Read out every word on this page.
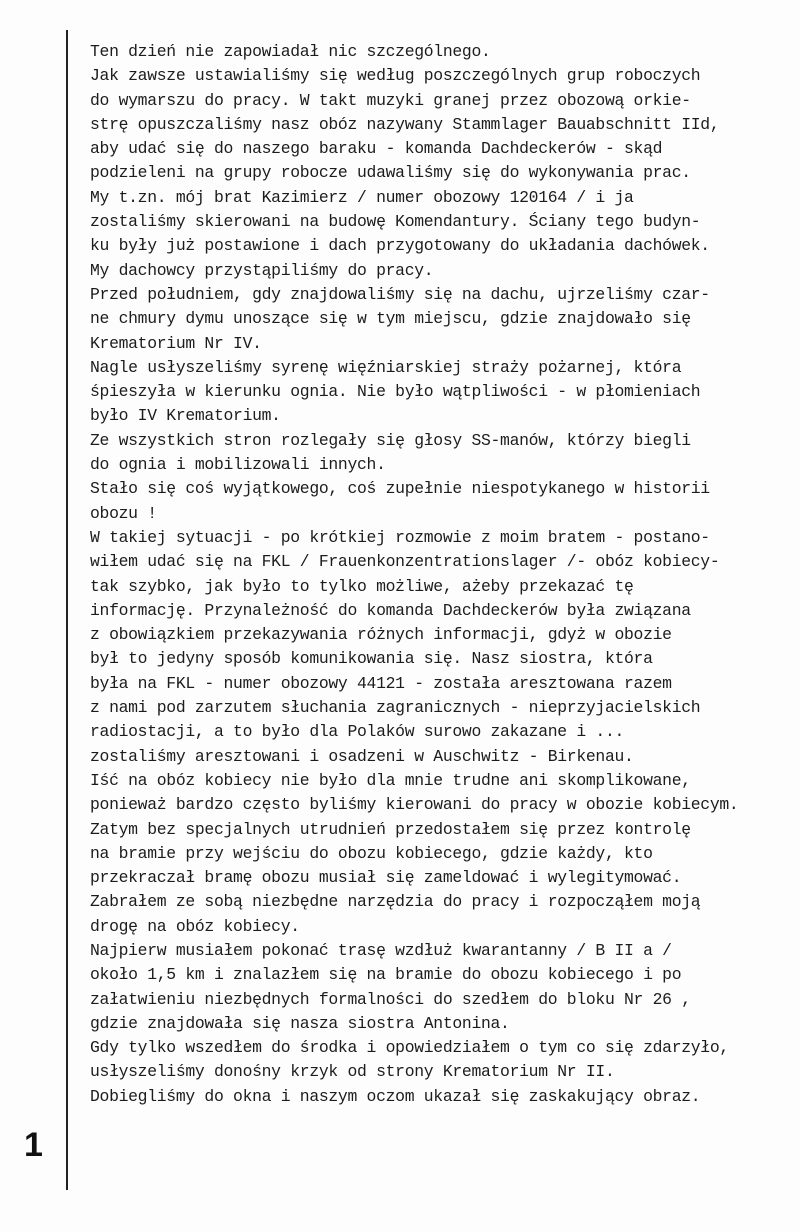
Ten dzień nie zapowiadał nic szczególnego.
Jak zawsze ustawialiśmy się według poszczególnych grup roboczych
do wymarszu do pracy. W takt muzyki granej przez obozową orkie-
strę opuszczaliśmy nasz obóz nazywany Stammlager Bauabschnitt IId,
aby udać się do naszego baraku - komanda Dachdeckerów - skąd
podzieleni na grupy robocze udawaliśmy się do wykonywania prac.
My t.zn. mój brat Kazimierz / numer obozowy 120164 / i ja
zostaliśmy skierowani na budowę Komendantury. Ściany tego budyn-
ku były już postawione i dach przygotowany do układania dachówek.
My dachowcy przystąpiliśmy do pracy.
Przed południem, gdy znajdowaliśmy się na dachu, ujrzeliśmy czar-
ne chmury dymu unoszące się w tym miejscu, gdzie znajdowało się
Krematorium Nr IV.
Nagle usłyszeliśmy syrenę więźniarskiej straży pożarnej, która
śpieszyła w kierunku ognia. Nie było wątpliwości - w płomieniach
było IV Krematorium.
Ze wszystkich stron rozlegały się głosy SS-manów, którzy biegli
do ognia i mobilizowali innych.
Stało się coś wyjątkowego, coś zupełnie niespotykanego w historii
obozu !
W takiej sytuacji - po krótkiej rozmowie z moim bratem - postano-
wiłem udać się na FKL / Frauenkonzentrationslager /- obóz kobiecy-
tak szybko, jak było to tylko możliwe, ażeby przekazać tę
informację. Przynależność do komanda Dachdeckerów była związana
z obowiązkiem przekazywania różnych informacji, gdyż w obozie
był to jedyny sposób komunikowania się. Nasz siostra, która
była na FKL - numer obozowy 44121 - została aresztowana razem
z nami pod zarzutem słuchania zagranicznych - nieprzyjacielskich
radiostacji, a to było dla Polaków surowo zakazane i ...
zostaliśmy aresztowani i osadzeni w Auschwitz - Birkenau.
Iść na obóz kobiecy nie było dla mnie trudne ani skomplikowane,
ponieważ bardzo często byliśmy kierowani do pracy w obozie kobiecym.
Zatym bez specjalnych utrudnień przedostałem się przez kontrolę
na bramie przy wejściu do obozu kobiecego, gdzie każdy, kto
przekraczał bramę obozu musiał się zameldować i wylegitymować.
Zabrałem ze sobą niezbędne narzędzia do pracy i rozpocząłem moją
drogę na obóz kobiecy.
Najpierw musiałem pokonać trasę wzdłuż kwarantanny / B II a /
około 1,5 km i znalazłem się na bramie do obozu kobiecego i po
załatwieniu niezbędnych formalności do szedłem do bloku Nr 26 ,
gdzie znajdowała się nasza siostra Antonina.
Gdy tylko wszedłem do środka i opowiedziałem o tym co się zdarzyło,
usłyszeliśmy donośny krzyk od strony Krematorium Nr II.
Dobiegliśmy do okna i naszym oczom ukazał się zaskakujący obraz.
1
